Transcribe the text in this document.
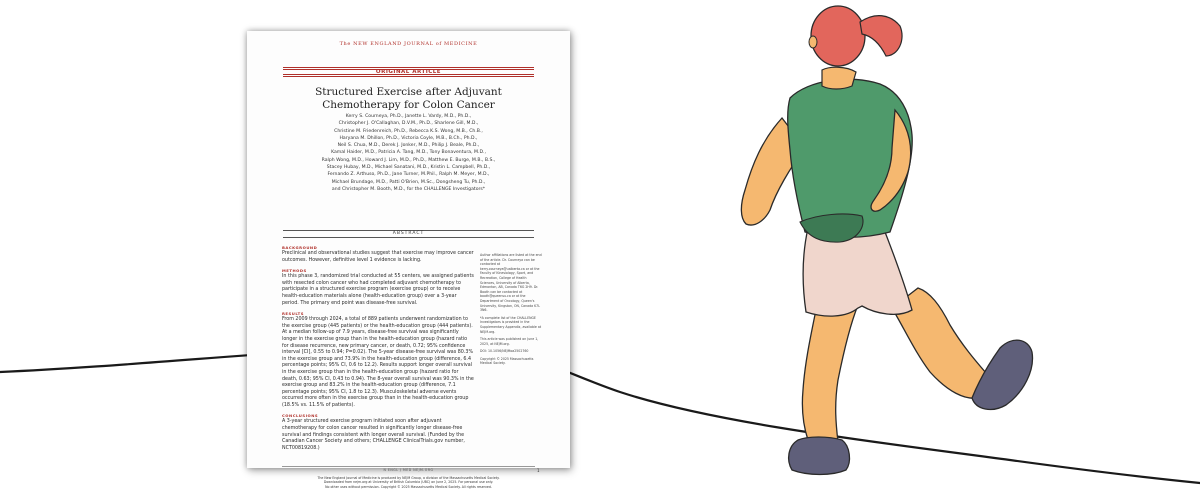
The NEW ENGLAND JOURNAL of MEDICINE
ORIGINAL ARTICLE
Structured Exercise after Adjuvant
Chemotherapy for Colon Cancer
Kerry S. Courneya, Ph.D., Janette L. Vardy, M.D., Ph.D.,
Christopher J. O'Callaghan, D.V.M., Ph.D., Sharlene Gill, M.D.,
Christine M. Friedenreich, Ph.D., Rebecca K.S. Wong, M.B., Ch.B.,
Haryana M. Dhillon, Ph.D., Victoria Coyle, M.B., B.Ch., Ph.D.,
Neil S. Chua, M.D., Derek J. Jonker, M.D., Philip J. Beale, Ph.D.,
Kamal Haider, M.D., Patricia A. Tang, M.D., Tony Bonaventura, M.D.,
Ralph Wong, M.D., Howard J. Lim, M.D., Ph.D., Matthew E. Burge, M.B., B.S.,
Stacey Hubay, M.D., Michael Sanatani, M.D., Kristin L. Campbell, Ph.D.,
Fernando Z. Arthuso, Ph.D., Jane Turner, M.Phil., Ralph M. Meyer, M.D.,
Michael Brundage, M.D., Patti O'Brien, M.Sc., Dongsheng Tu, Ph.D.,
and Christopher M. Booth, M.D., for the CHALLENGE Investigators*
ABSTRACT
BACKGROUND
Preclinical and observational studies suggest that exercise may improve cancer outcomes. However, definitive level 1 evidence is lacking.
METHODS
In this phase 3, randomized trial conducted at 55 centers, we assigned patients with resected colon cancer who had completed adjuvant chemotherapy to participate in a structured exercise program (exercise group) or to receive health-education materials alone (health-education group) over a 3-year period. The primary end point was disease-free survival.
RESULTS
From 2009 through 2024, a total of 889 patients underwent randomization to the exercise group (445 patients) or the health-education group (444 patients). At a median follow-up of 7.9 years, disease-free survival was significantly longer in the exercise group than in the health-education group (hazard ratio for disease recurrence, new primary cancer, or death, 0.72; 95% confidence interval [CI], 0.55 to 0.94; P=0.02). The 5-year disease-free survival was 80.3% in the exercise group and 73.9% in the health-education group (difference, 6.4 percentage points; 95% CI, 0.6 to 12.2). Results support longer overall survival in the exercise group than in the health-education group (hazard ratio for death, 0.63; 95% CI, 0.43 to 0.94). The 8-year overall survival was 90.3% in the exercise group and 83.2% in the health-education group (difference, 7.1 percentage points; 95% CI, 1.8 to 12.3). Musculoskeletal adverse events occurred more often in the exercise group than in the health-education group (18.5% vs. 11.5% of patients).
CONCLUSIONS
A 3-year structured exercise program initiated soon after adjuvant chemotherapy for colon cancer resulted in significantly longer disease-free survival and findings consistent with longer overall survival. (Funded by the Canadian Cancer Society and others; CHALLENGE ClinicalTrials.gov number, NCT00819208.)

Author affiliations are listed at the end of the article. Dr. Courneya can be contacted at kerry.courneya@ualberta.ca or at the Faculty of Kinesiology, Sport, and Recreation, College of Health Sciences, University of Alberta, Edmonton, AB, Canada T6G 2H9. Dr. Booth can be contacted at booth@queensu.ca or at the Department of Oncology, Queen's University, Kingston, ON, Canada K7L 3N6.

*A complete list of the CHALLENGE Investigators is provided in the Supplementary Appendix, available at NEJM.org.

This article was published on June 1, 2025, at NEJM.org.

DOI: 10.1056/NEJMoa2502760

Copyright © 2025 Massachusetts Medical Society.

N ENGL J MED NEJM.ORG	1
The New England Journal of Medicine is produced by NEJM Group, a division of the Massachusetts Medical Society.
Downloaded from nejm.org at University of British Columbia (UBC) on June 2, 2025. For personal use only.
No other uses without permission. Copyright © 2025 Massachusetts Medical Society. All rights reserved.
